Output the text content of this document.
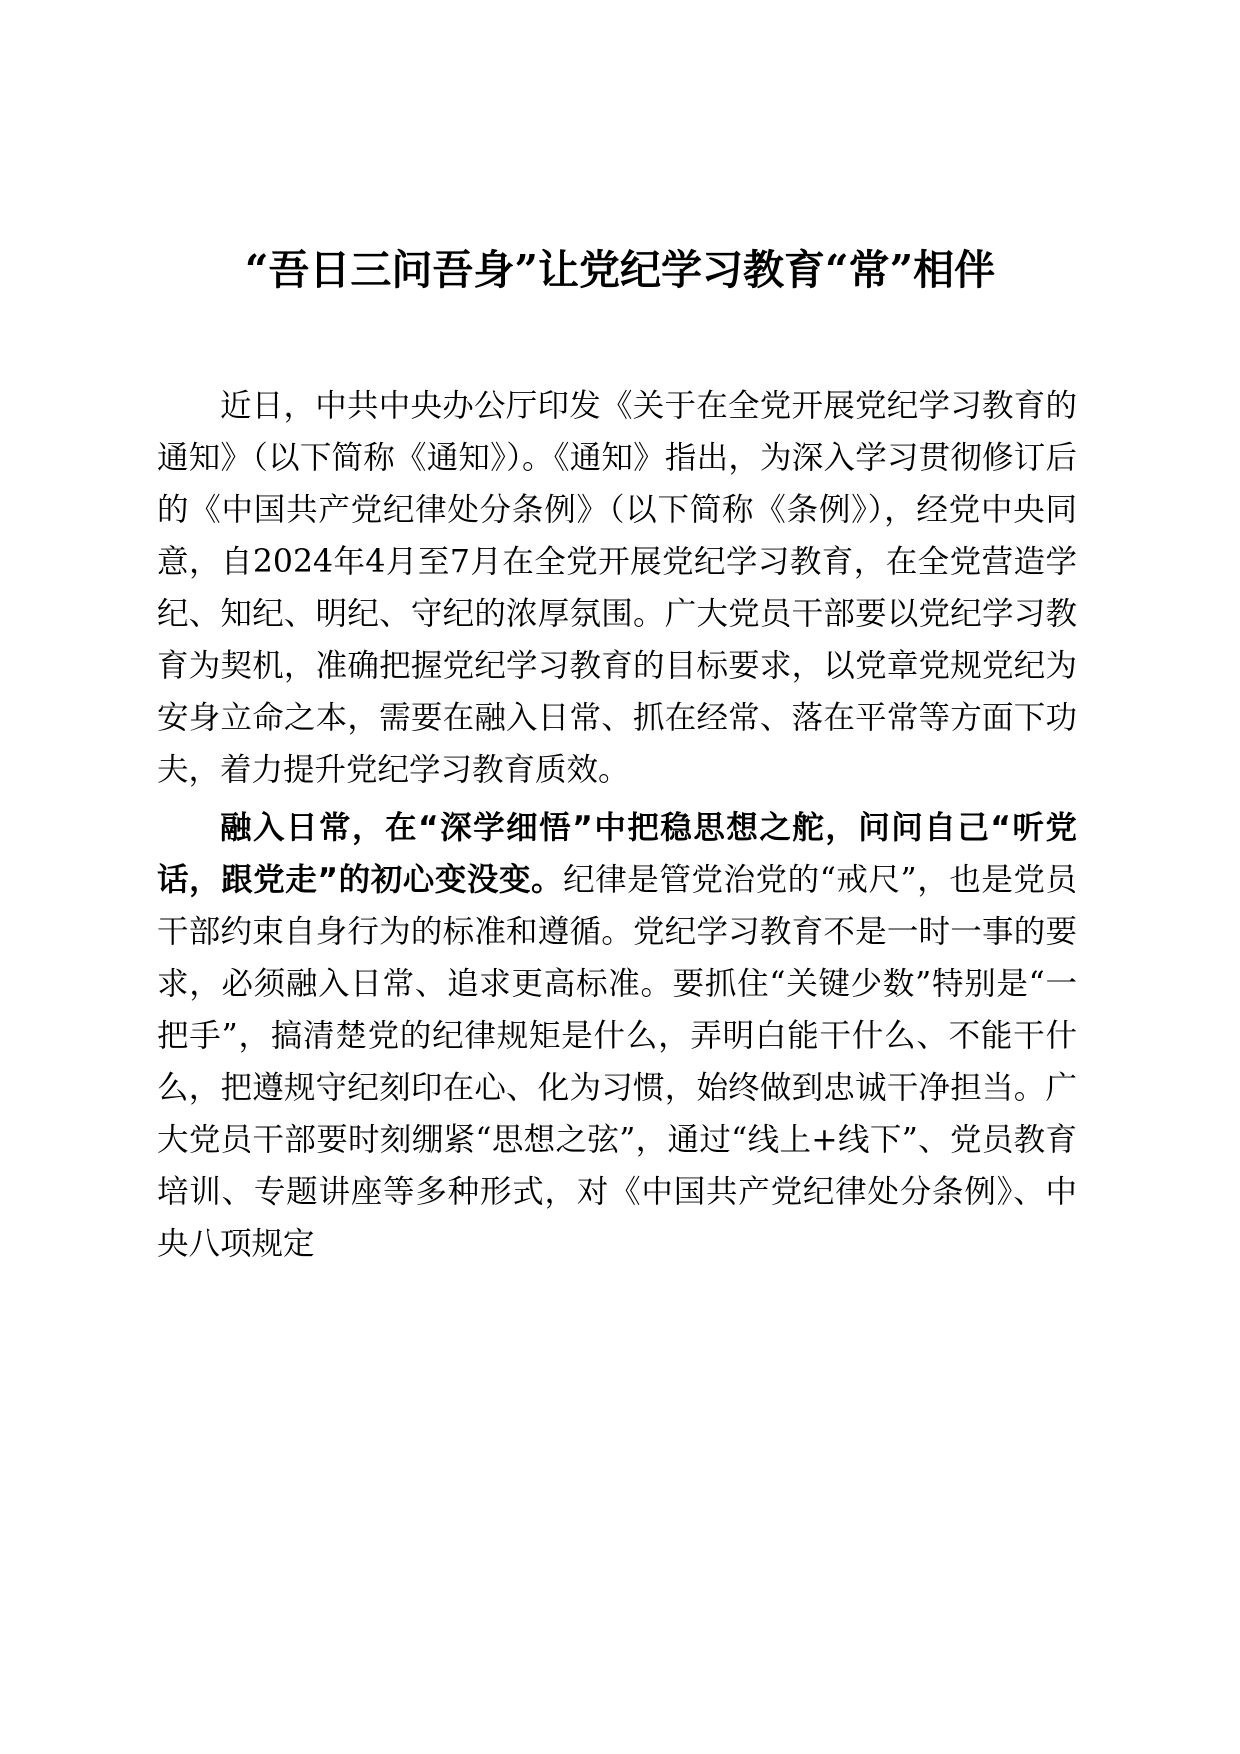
“吾日三问吾身”让党纪学习教育“常”相伴

近日，中共中央办公厅印发《关于在全党开展党纪学习教育的通知》（以下简称《通知》）。《通知》指出，为深入学习贯彻修订后的《中国共产党纪律处分条例》（以下简称《条例》），经党中央同意，自2024年4月至7月在全党开展党纪学习教育，在全党营造学纪、知纪、明纪、守纪的浓厚氛围。广大党员干部要以党纪学习教育为契机，准确把握党纪学习教育的目标要求，以党章党规党纪为安身立命之本，需要在融入日常、抓在经常、落在平常等方面下功夫，着力提升党纪学习教育质效。

融入日常，在“深学细悟”中把稳思想之舵，问问自己“听党话，跟党走”的初心变没变。纪律是管党治党的“戒尺”，也是党员干部约束自身行为的标准和遵循。党纪学习教育不是一时一事的要求，必须融入日常、追求更高标准。要抓住“关键少数”特别是“一把手”，搞清楚党的纪律规矩是什么，弄明白能干什么、不能干什么，把遵规守纪刻印在心、化为习惯，始终做到忠诚干净担当。广大党员干部要时刻绷紧“思想之弦”，通过“线上+线下”、党员教育培训、专题讲座等多种形式，对《中国共产党纪律处分条例》、中央八项规定
